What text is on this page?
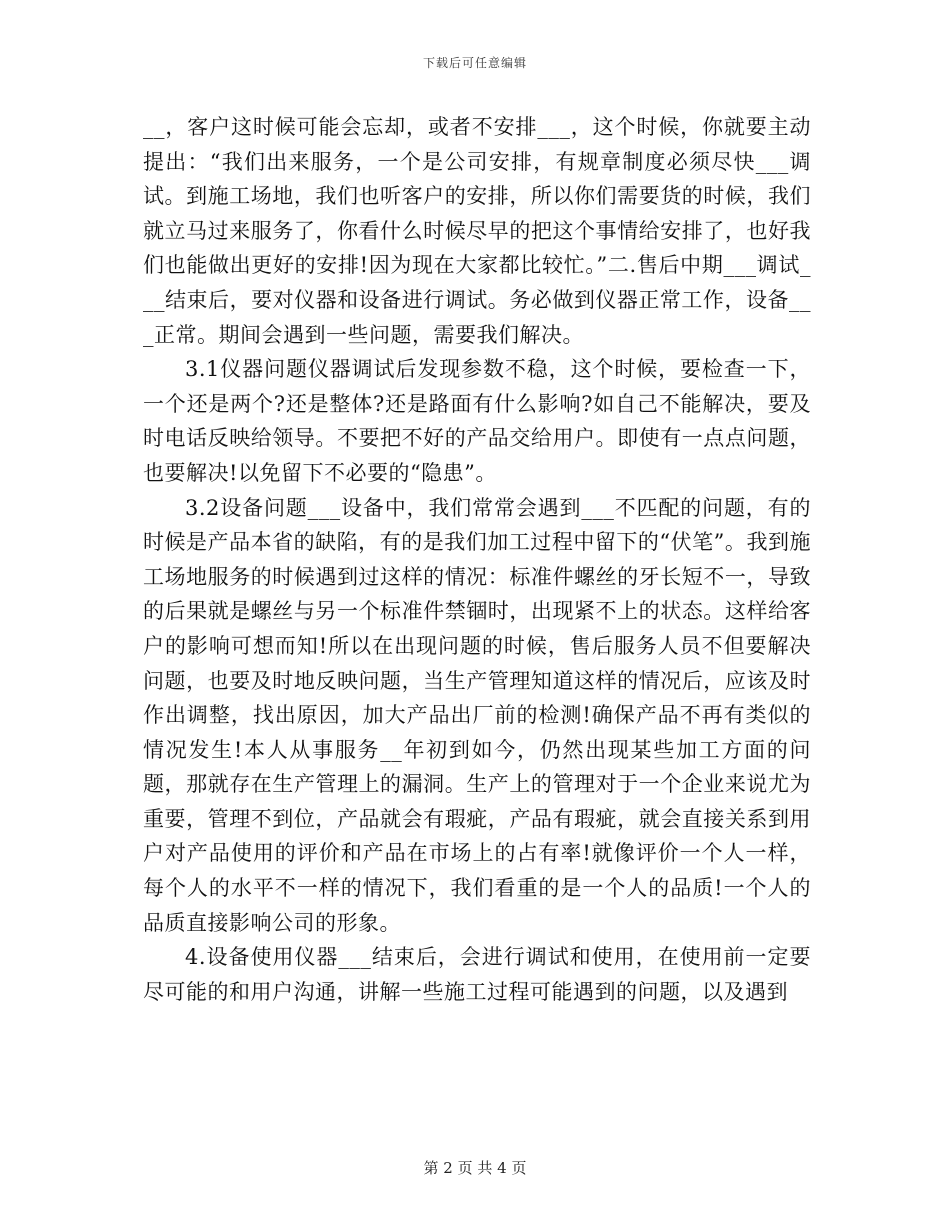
下载后可任意编辑

__，客户这时候可能会忘却，或者不安排___，这个时候，你就要主动提出：“我们出来服务，一个是公司安排，有规章制度必须尽快___调试。到施工场地，我们也听客户的安排，所以你们需要货的时候，我们就立马过来服务了，你看什么时候尽早的把这个事情给安排了，也好我们也能做出更好的安排!因为现在大家都比较忙。”二.售后中期___调试___结束后，要对仪器和设备进行调试。务必做到仪器正常工作，设备___正常。期间会遇到一些问题，需要我们解决。

3.1仪器问题仪器调试后发现参数不稳，这个时候，要检查一下，一个还是两个?还是整体?还是路面有什么影响?如自己不能解决，要及时电话反映给领导。不要把不好的产品交给用户。即使有一点点问题，也要解决!以免留下不必要的“隐患”。

3.2设备问题___设备中，我们常常会遇到___不匹配的问题，有的时候是产品本省的缺陷，有的是我们加工过程中留下的“伏笔”。我到施工场地服务的时候遇到过这样的情况：标准件螺丝的牙长短不一，导致的后果就是螺丝与另一个标准件禁锢时，出现紧不上的状态。这样给客户的影响可想而知!所以在出现问题的时候，售后服务人员不但要解决问题，也要及时地反映问题，当生产管理知道这样的情况后，应该及时作出调整，找出原因，加大产品出厂前的检测!确保产品不再有类似的情况发生!本人从事服务__年初到如今，仍然出现某些加工方面的问题，那就存在生产管理上的漏洞。生产上的管理对于一个企业来说尤为重要，管理不到位，产品就会有瑕疵，产品有瑕疵，就会直接关系到用户对产品使用的评价和产品在市场上的占有率!就像评价一个人一样，每个人的水平不一样的情况下，我们看重的是一个人的品质!一个人的品质直接影响公司的形象。

4.设备使用仪器___结束后，会进行调试和使用，在使用前一定要尽可能的和用户沟通，讲解一些施工过程可能遇到的问题，以及遇到

第 2 页 共 4 页
